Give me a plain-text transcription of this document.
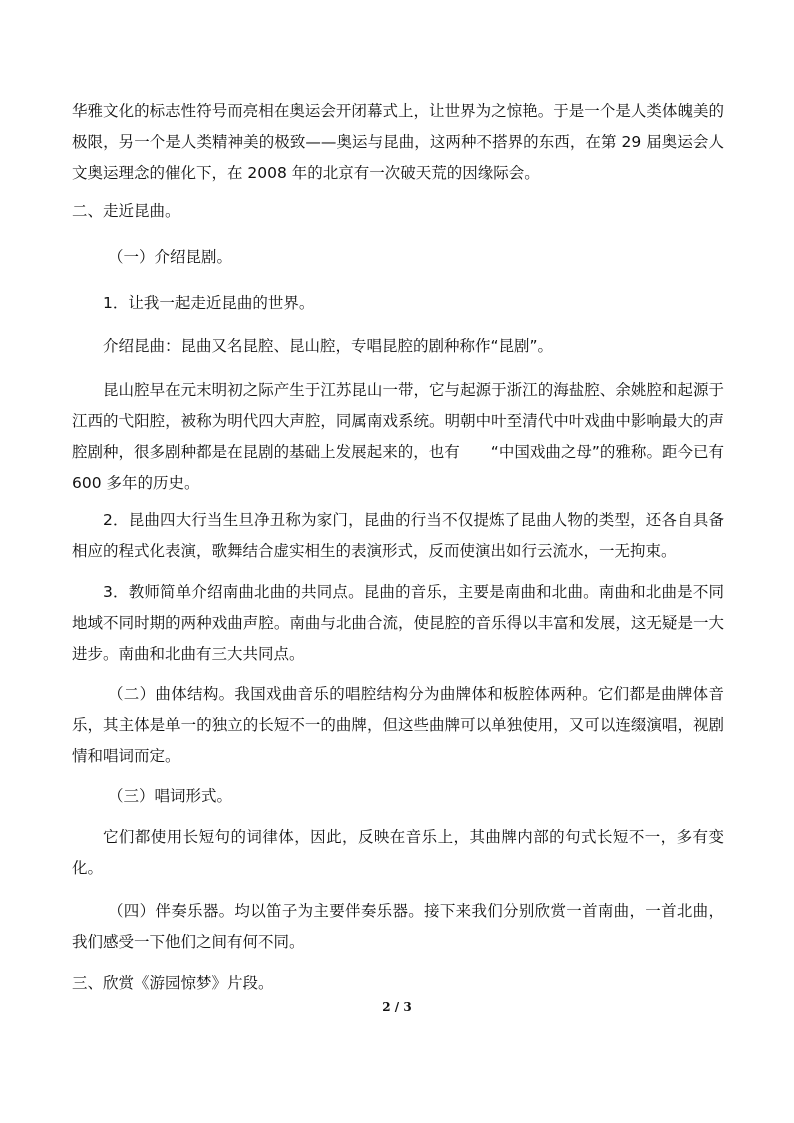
华雅文化的标志性符号而亮相在奥运会开闭幕式上，让世界为之惊艳。于是一个是人类体魄美的极限，另一个是人类精神美的极致——奥运与昆曲，这两种不搭界的东西，在第 29 届奥运会人文奥运理念的催化下，在 2008 年的北京有一次破天荒的因缘际会。

二、走近昆曲。

（一）介绍昆剧。

1．让我一起走近昆曲的世界。

介绍昆曲：昆曲又名昆腔、昆山腔，专唱昆腔的剧种称作“昆剧”。

昆山腔早在元末明初之际产生于江苏昆山一带，它与起源于浙江的海盐腔、余姚腔和起源于江西的弋阳腔，被称为明代四大声腔，同属南戏系统。明朝中叶至清代中叶戏曲中影响最大的声腔剧种，很多剧种都是在昆剧的基础上发展起来的，也有　　“中国戏曲之母”的雅称。距今已有 600 多年的历史。

2．昆曲四大行当生旦净丑称为家门，昆曲的行当不仅提炼了昆曲人物的类型，还各自具备相应的程式化表演，歌舞结合虚实相生的表演形式，反而使演出如行云流水，一无拘束。

3．教师简单介绍南曲北曲的共同点。昆曲的音乐，主要是南曲和北曲。南曲和北曲是不同地域不同时期的两种戏曲声腔。南曲与北曲合流，使昆腔的音乐得以丰富和发展，这无疑是一大进步。南曲和北曲有三大共同点。

（二）曲体结构。我国戏曲音乐的唱腔结构分为曲牌体和板腔体两种。它们都是曲牌体音乐，其主体是单一的独立的长短不一的曲牌，但这些曲牌可以单独使用，又可以连缀演唱，视剧情和唱词而定。

（三）唱词形式。

它们都使用长短句的词律体，因此，反映在音乐上，其曲牌内部的句式长短不一，多有变化。

（四）伴奏乐器。均以笛子为主要伴奏乐器。接下来我们分别欣赏一首南曲，一首北曲，我们感受一下他们之间有何不同。

三、欣赏《游园惊梦》片段。

2 / 3
